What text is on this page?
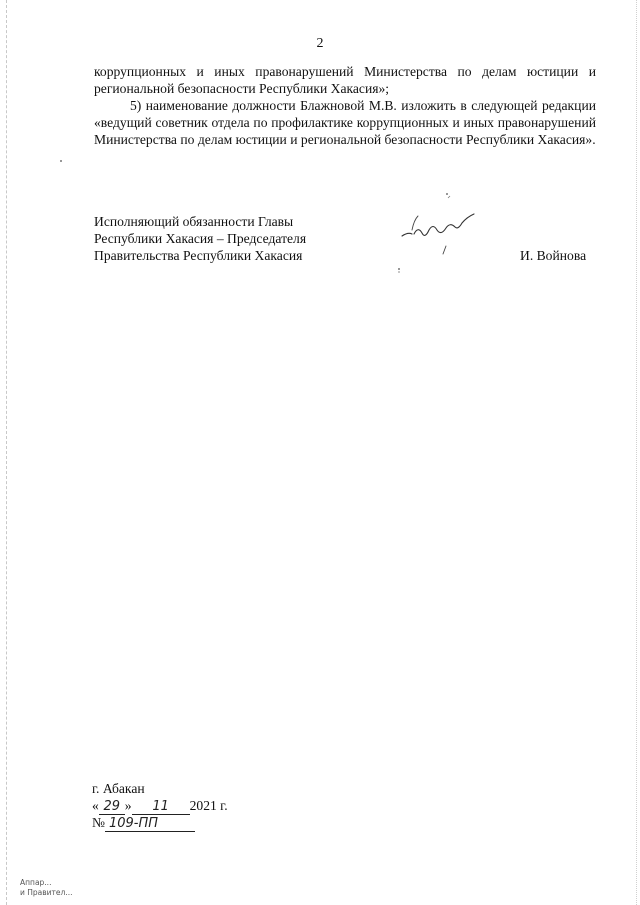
2

коррупционных и иных правонарушений Министерства по делам юстиции и региональной безопасности Республики Хакасия»;

5) наименование должности Блажновой М.В. изложить в следующей редакции «ведущий советник отдела по профилактике коррупционных и иных правонарушений Министерства по делам юстиции и региональной безопасности Республики Хакасия».

Исполняющий обязанности Главы
Республики Хакасия – Председателя
Правительства Республики Хакасия	И. Войнова
г. Абакан
« 29 » 11 2021 г.
№ 109-ПП
Аппар...
и Правител...
